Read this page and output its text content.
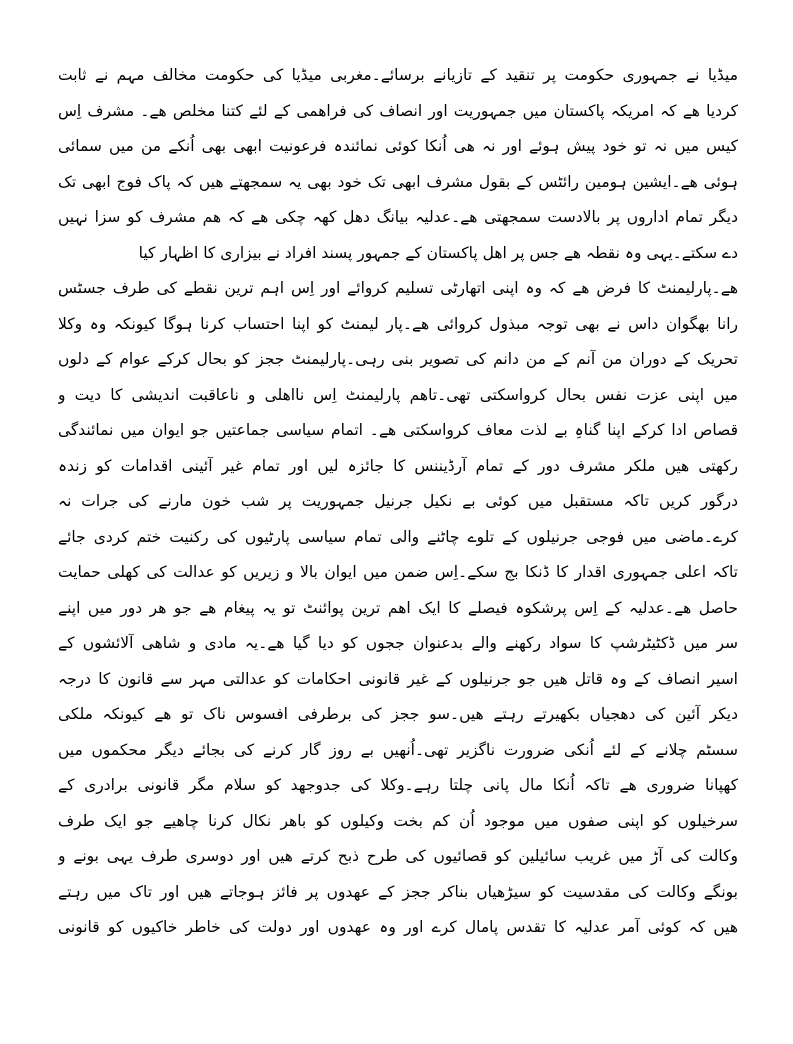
میڈیا نے جمہوری حکومت پر تنقید کے تازیانے برسائے۔مغربی میڈیا کی حکومت مخالف مہم نے ثابت
کردیا ھے کہ امریکہ پاکستان میں جمہوریت اور انصاف کی فراھمی کے لئے کتنا مخلص ھے۔ مشرف اِس
کیس میں نہ تو خود پیش ہوئے اور نہ ھی اُنکا کوئی نمائندہ فرعونیت ابھی بھی اُنکے من میں سمائی
ہوئی ھے۔ایشین ہومین رائٹس کے بقول مشرف ابھی تک خود بھی یہ سمجھتے ھیں کہ پاک فوج ابھی تک
دیگر تمام اداروں پر بالادست سمجھتی ھے۔عدلیہ بیانگ دھل کھہ چکی ھے کہ ھم مشرف کو سزا نہیں
دے سکتے۔یہی وہ نقطہ ھے جس پر اھل پاکستان کے جمہور پسند افراد نے بیزاری کا اظہار کیا
ھے۔پارلیمنٹ کا فرض ھے کہ وہ اپنی اتھارٹی تسلیم کروائے اور اِس اہم ترین نقطے کی طرف جسٹس
رانا بھگوان داس نے بھی توجہ مبذول کروائی ھے۔پار لیمنٹ کو اپنا احتساب کرنا ہوگا کیونکہ وہ وکلا
تحریک کے دوران من آنم کے من دانم کی تصویر بنی رہی۔پارلیمنٹ ججز کو بحال کرکے عوام کے دلوں
میں اپنی عزت نفس بحال کرواسکتی تھی۔تاھم پارلیمنٹ اِس نااھلی و ناعاقبت اندیشی کا دیت و
قصاص ادا کرکے اپنا گناہِ بے لذت معاف کرواسکتی ھے۔ اتمام سیاسی جماعتیں جو ایوان میں نمائندگی
رکھتی ھیں ملکر مشرف دور کے تمام آرڈیننس کا جائزہ لیں اور تمام غیر آئینی اقدامات کو زندہ
درگور کریں تاکہ مستقبل میں کوئی بے نکیل جرنیل جمہوریت پر شب خون مارنے کی جرات نہ
کرے۔ماضی میں فوجی جرنیلوں کے تلوے چاٹنے والی تمام سیاسی پارٹیوں کی رکنیت ختم کردی جائے
تاکہ اعلی جمہوری اقدار کا ڈنکا بج سکے۔اِس ضمن میں ایوان بالا و زیریں کو عدالت کی کھلی حمایت
حاصل ھے۔عدلیہ کے اِس پرشکوہ فیصلے کا ایک اھم ترین پوائنٹ تو یہ پیغام ھے جو ھر دور میں اپنے
سر میں ڈکٹیٹرشپ کا سواد رکھنے والے بدعنوان ججوں کو دیا گیا ھے۔یہ مادی و شاھی آلائشوں کے
اسیر انصاف کے وہ قاتل ھیں جو جرنیلوں کے غیر قانونی احکامات کو عدالتی مہر سے قانون کا درجہ
دیکر آئین کی دھجیاں بکھیرتے رہتے ھیں۔سو ججز کی برطرفی افسوس ناک تو ھے کیونکہ ملکی
سسٹم چلانے کے لئے اُنکی ضرورت ناگزیر تھی۔اُنھیں بے روز گار کرنے کی بجائے دیگر محکموں میں
کھپانا ضروری ھے تاکہ اُنکا مال پانی چلتا رہے۔وکلا کی جدوجھد کو سلام مگر قانونی برادری کے
سرخیلوں کو اپنی صفوں میں موجود اُن کم بخت وکیلوں کو باھر نکال کرنا چاھیے جو ایک طرف
وکالت کی آڑ میں غریب سائیلین کو قصائیوں کی طرح ذبح کرتے ھیں اور دوسری طرف یہی بونے و
بونگے وکالت کی مقدسیت کو سیڑھیاں بناکر ججز کے عھدوں پر فائز ہوجاتے ھیں اور تاک میں رہتے
ھیں کہ کوئی آمر عدلیہ کا تقدس پامال کرے اور وہ عھدوں اور دولت کی خاطر خاکیوں کو قانونی
